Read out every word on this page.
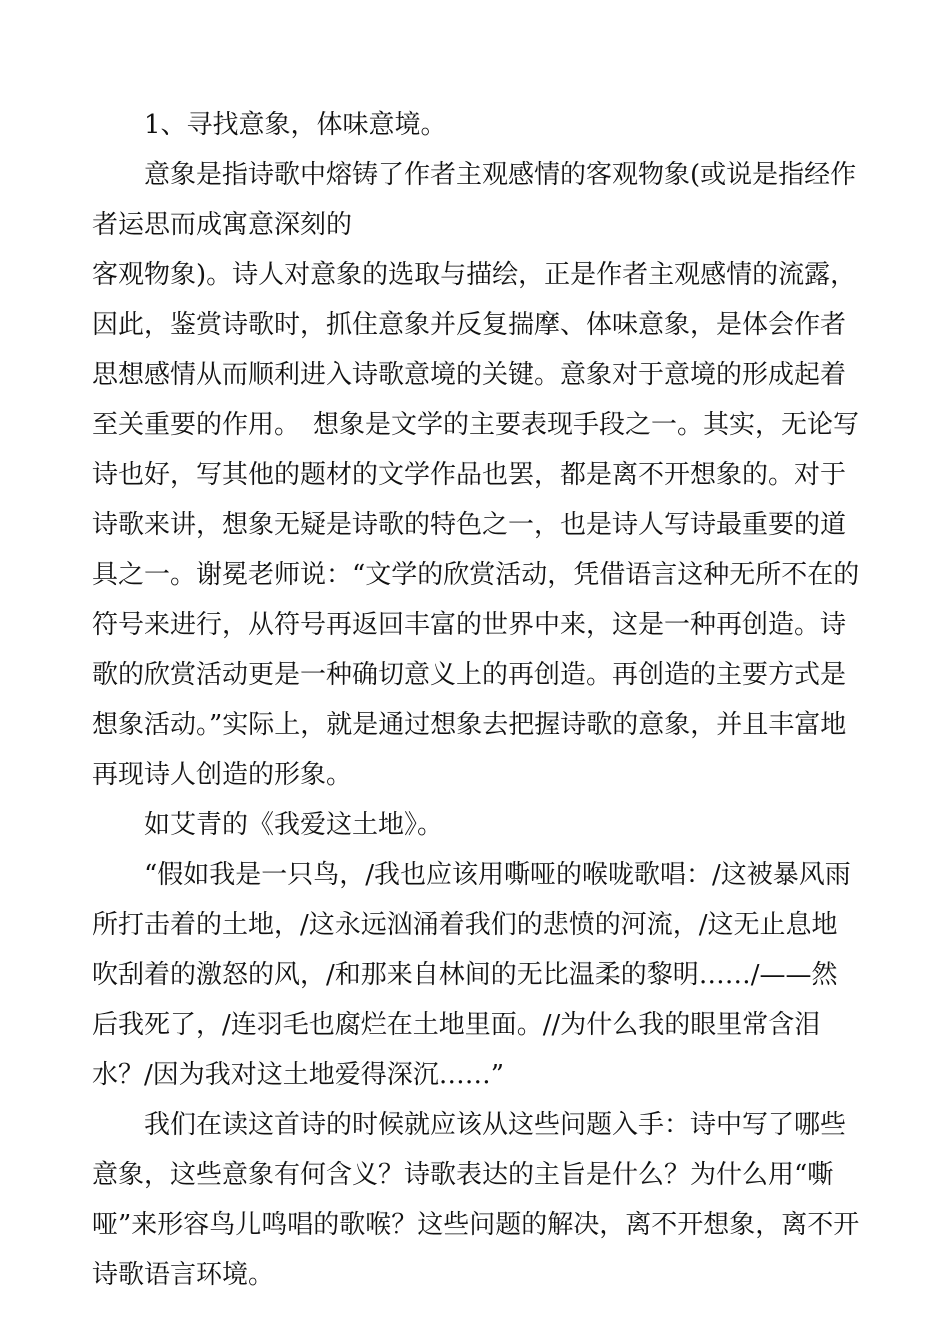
1、寻找意象，体味意境。

意象是指诗歌中熔铸了作者主观感情的客观物象(或说是指经作者运思而成寓意深刻的

客观物象)。诗人对意象的选取与描绘，正是作者主观感情的流露，因此，鉴赏诗歌时，抓住意象并反复揣摩、体味意象，是体会作者思想感情从而顺利进入诗歌意境的关键。意象对于意境的形成起着至关重要的作用。　想象是文学的主要表现手段之一。其实，无论写诗也好，写其他的题材的文学作品也罢，都是离不开想象的。对于诗歌来讲，想象无疑是诗歌的特色之一，也是诗人写诗最重要的道具之一。谢冕老师说：“文学的欣赏活动，凭借语言这种无所不在的符号来进行，从符号再返回丰富的世界中来，这是一种再创造。诗歌的欣赏活动更是一种确切意义上的再创造。再创造的主要方式是想象活动。”实际上，就是通过想象去把握诗歌的意象，并且丰富地再现诗人创造的形象。

如艾青的《我爱这土地》。

“假如我是一只鸟，/我也应该用嘶哑的喉咙歌唱：/这被暴风雨所打击着的土地，/这永远汹涌着我们的悲愤的河流，/这无止息地吹刮着的激怒的风，/和那来自林间的无比温柔的黎明……/——然后我死了，/连羽毛也腐烂在土地里面。//为什么我的眼里常含泪水？/因为我对这土地爱得深沉……”

我们在读这首诗的时候就应该从这些问题入手：诗中写了哪些意象，这些意象有何含义？诗歌表达的主旨是什么？为什么用“嘶哑”来形容鸟儿鸣唱的歌喉？这些问题的解决，离不开想象，离不开诗歌语言环境。
